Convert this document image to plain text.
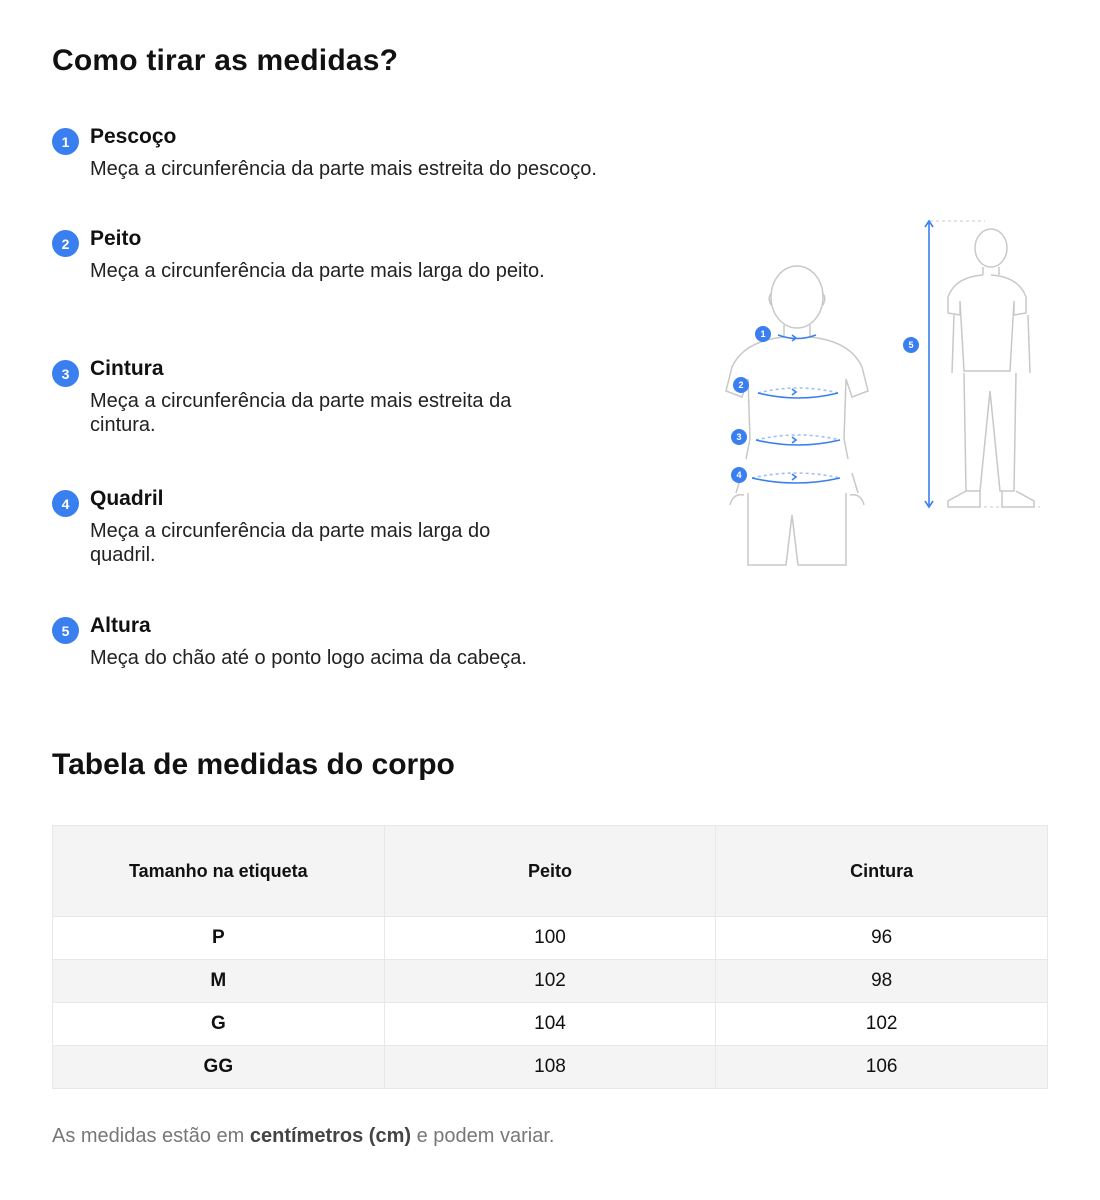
Como tirar as medidas?
1 Pescoço
Meça a circunferência da parte mais estreita do pescoço.
2 Peito
Meça a circunferência da parte mais larga do peito.
3 Cintura
Meça a circunferência da parte mais estreita da
cintura.
4 Quadril
Meça a circunferência da parte mais larga do
quadril.
5 Altura
Meça do chão até o ponto logo acima da cabeça.
1
2
3
4
5
Tabela de medidas do corpo
Tamanho na etiqueta	Peito	Cintura
P	100	96
M	102	98
G	104	102
GG	108	106
As medidas estão em centímetros (cm) e podem variar.
